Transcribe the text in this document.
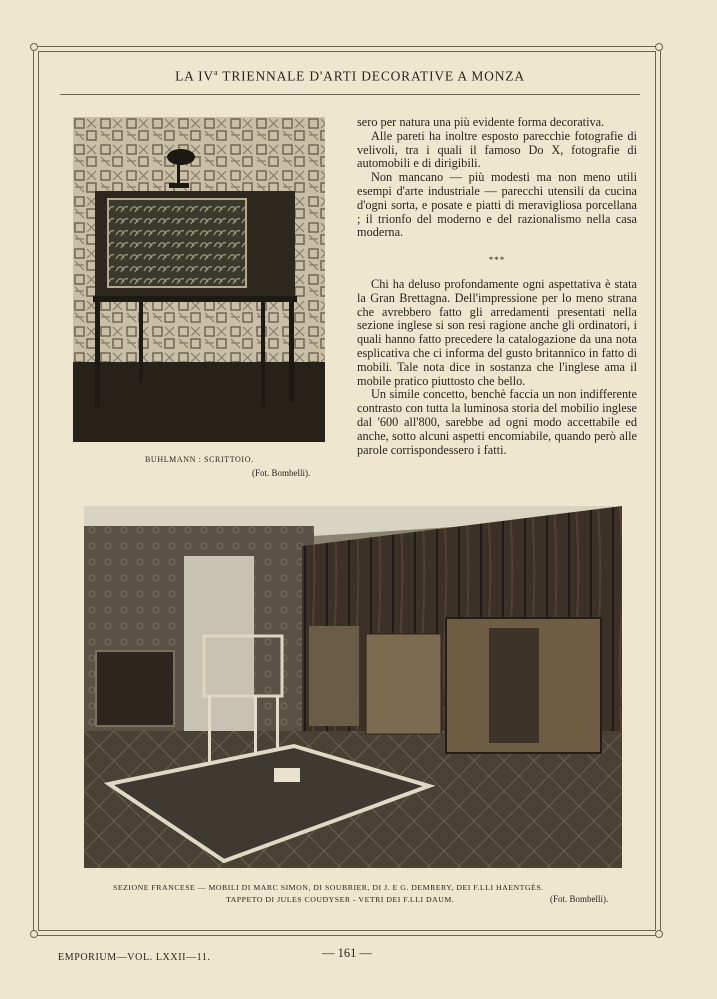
LA $IV^a$ TRIENNALE D'ARTI DECORATIVE A MONZA
BUHLMANN : SCRITTOIO.
(Fot. Bombelli).

sero per natura una più evidente forma decorativa.

Alle pareti ha inoltre esposto parecchie fotografie di velivoli, tra i quali il famoso Do X, fotografie di automobili e di dirigibili.

Non mancano — più modesti ma non meno utili esempi d'arte industriale — parecchi utensili da cucina d'ogni sorta, e posate e piatti di meravigliosa porcellana ; il trionfo del moderno e del razionalismo nella casa moderna.

***

Chi ha deluso profondamente ogni aspettativa è stata la Gran Brettagna. Dell'impressione per lo meno strana che avrebbero fatto gli arredamenti presentati nella sezione inglese si son resi ragione anche gli ordinatori, i quali hanno fatto precedere la catalogazione da una nota esplicativa che ci informa del gusto britannico in fatto di mobili. Tale nota dice in sostanza che l'inglese ama il mobile pratico piuttosto che bello.

Un simile concetto, benchè faccia un non indifferente contrasto con tutta la luminosa storia del mobilio inglese dal '600 all'800, sarebbe ad ogni modo accettabile ed anche, sotto alcuni aspetti encomiabile, quando però alle parole corrispondessero i fatti.

SEZIONE FRANCESE — MOBILI DI MARC SIMON, DI SOUBRIER, DI J. E G. DEMRERY, DEI F.LLI HAENTGÈS.
TAPPETO DI JULES COUDYSER - VETRI DEI F.LLI DAUM.	(Fot. Bombelli).
EMPORIUM—VOL. LXXII—11.	— 161 —
